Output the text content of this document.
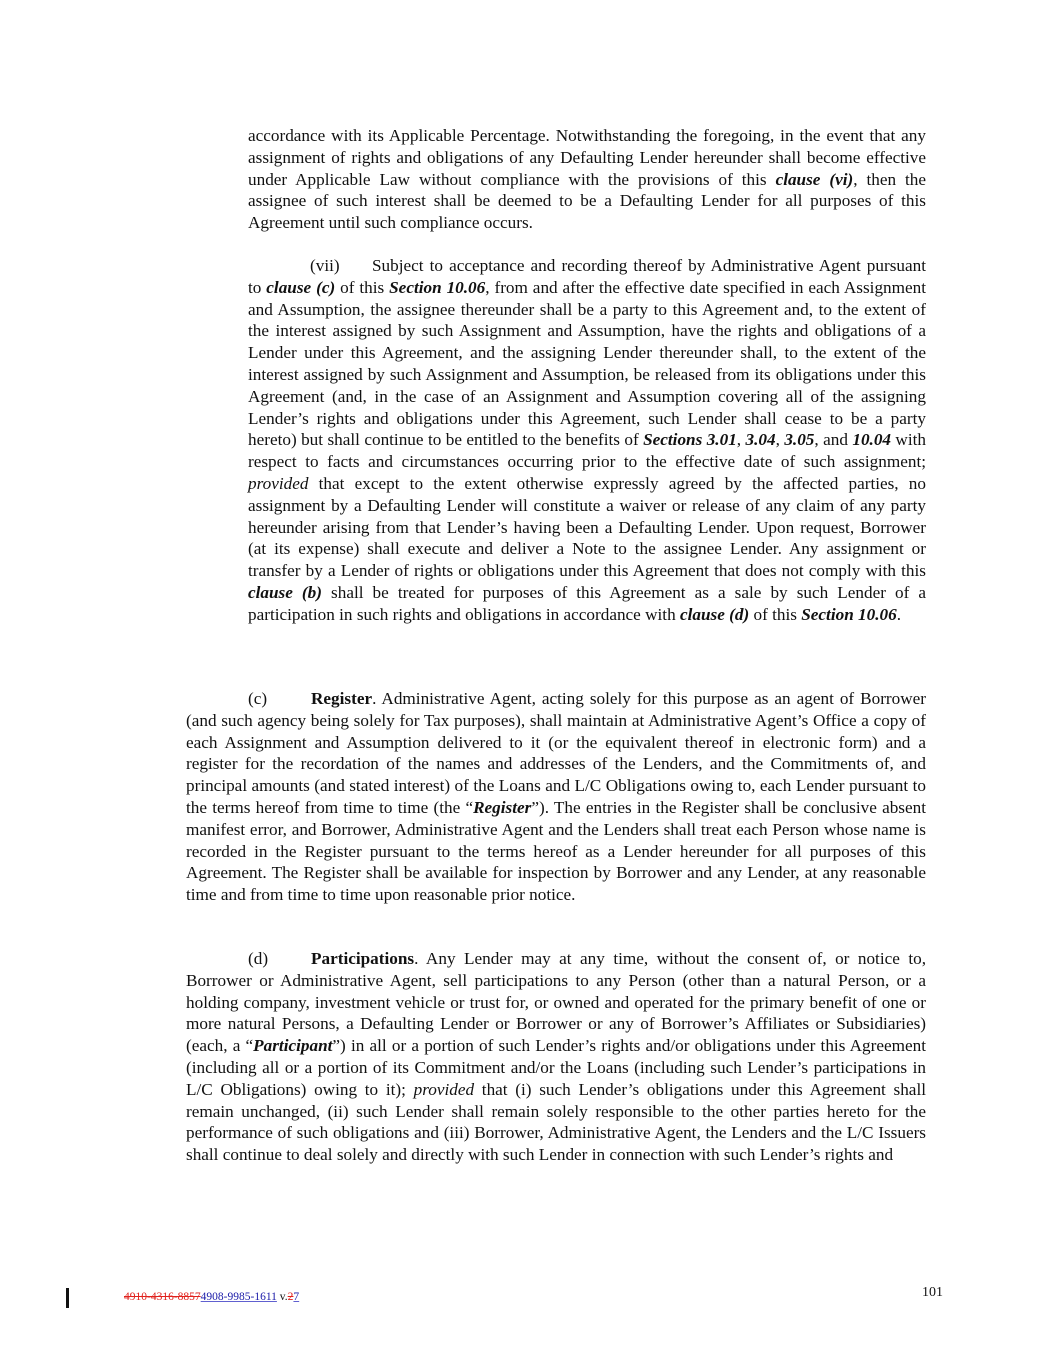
accordance with its Applicable Percentage. Notwithstanding the foregoing, in the event that any assignment of rights and obligations of any Defaulting Lender hereunder shall become effective under Applicable Law without compliance with the provisions of this clause (vi), then the assignee of such interest shall be deemed to be a Defaulting Lender for all purposes of this Agreement until such compliance occurs.

(vii) Subject to acceptance and recording thereof by Administrative Agent pursuant to clause (c) of this Section 10.06, from and after the effective date specified in each Assignment and Assumption, the assignee thereunder shall be a party to this Agreement and, to the extent of the interest assigned by such Assignment and Assumption, have the rights and obligations of a Lender under this Agreement, and the assigning Lender thereunder shall, to the extent of the interest assigned by such Assignment and Assumption, be released from its obligations under this Agreement (and, in the case of an Assignment and Assumption covering all of the assigning Lender’s rights and obligations under this Agreement, such Lender shall cease to be a party hereto) but shall continue to be entitled to the benefits of Sections 3.01, 3.04, 3.05, and 10.04 with respect to facts and circumstances occurring prior to the effective date of such assignment; provided that except to the extent otherwise expressly agreed by the affected parties, no assignment by a Defaulting Lender will constitute a waiver or release of any claim of any party hereunder arising from that Lender’s having been a Defaulting Lender. Upon request, Borrower (at its expense) shall execute and deliver a Note to the assignee Lender. Any assignment or transfer by a Lender of rights or obligations under this Agreement that does not comply with this clause (b) shall be treated for purposes of this Agreement as a sale by such Lender of a participation in such rights and obligations in accordance with clause (d) of this Section 10.06.

(c)	Register. Administrative Agent, acting solely for this purpose as an agent of Borrower (and such agency being solely for Tax purposes), shall maintain at Administrative Agent’s Office a copy of each Assignment and Assumption delivered to it (or the equivalent thereof in electronic form) and a register for the recordation of the names and addresses of the Lenders, and the Commitments of, and principal amounts (and stated interest) of the Loans and L/C Obligations owing to, each Lender pursuant to the terms hereof from time to time (the “Register”). The entries in the Register shall be conclusive absent manifest error, and Borrower, Administrative Agent and the Lenders shall treat each Person whose name is recorded in the Register pursuant to the terms hereof as a Lender hereunder for all purposes of this Agreement. The Register shall be available for inspection by Borrower and any Lender, at any reasonable time and from time to time upon reasonable prior notice.

(d) Participations. Any Lender may at any time, without the consent of, or notice to, Borrower or Administrative Agent, sell participations to any Person (other than a natural Person, or a holding company, investment vehicle or trust for, or owned and operated for the primary benefit of one or more natural Persons, a Defaulting Lender or Borrower or any of Borrower’s Affiliates or Subsidiaries) (each, a “Participant”) in all or a portion of such Lender’s rights and/or obligations under this Agreement (including all or a portion of its Commitment and/or the Loans (including such Lender’s participations in L/C Obligations) owing to it); provided that (i) such Lender’s obligations under this Agreement shall remain unchanged, (ii) such Lender shall remain solely responsible to the other parties hereto for the performance of such obligations and (iii) Borrower, Administrative Agent, the Lenders and the L/C Issuers shall continue to deal solely and directly with such Lender in connection with such Lender’s rights and

4910-4316-88574908-9985-1611 v.27	101
